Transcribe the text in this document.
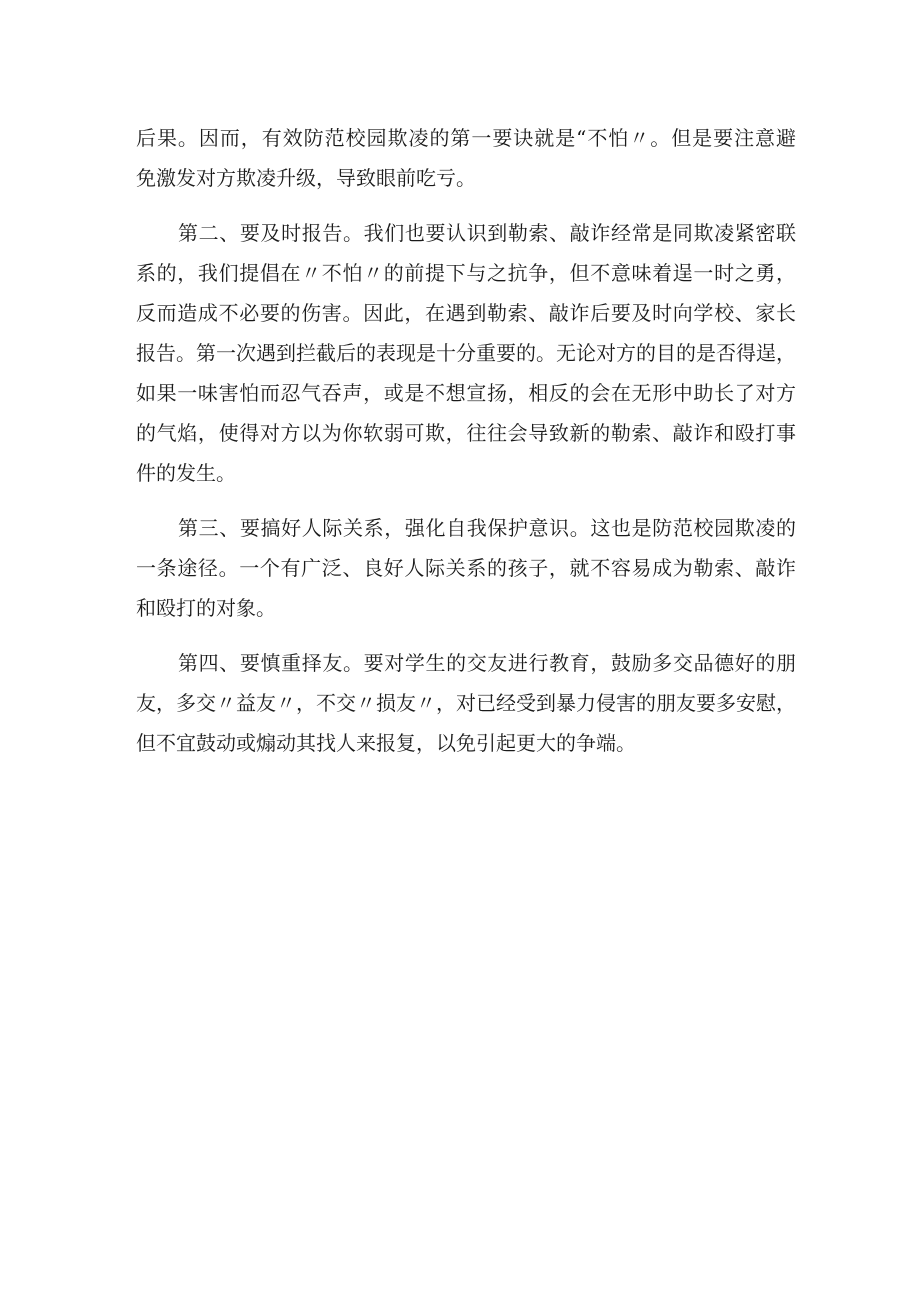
后果。因而，有效防范校园欺凌的第一要诀就是“不怕〃。但是要注意避
免激发对方欺凌升级，导致眼前吃亏。
第二、要及时报告。我们也要认识到勒索、敲诈经常是同欺凌紧密联
系的，我们提倡在〃不怕〃的前提下与之抗争，但不意味着逞一时之勇，
反而造成不必要的伤害。因此，在遇到勒索、敲诈后要及时向学校、家长
报告。第一次遇到拦截后的表现是十分重要的。无论对方的目的是否得逞，
如果一味害怕而忍气吞声，或是不想宣扬，相反的会在无形中助长了对方
的气焰，使得对方以为你软弱可欺，往往会导致新的勒索、敲诈和殴打事
件的发生。
第三、要搞好人际关系，强化自我保护意识。这也是防范校园欺凌的
一条途径。一个有广泛、良好人际关系的孩子，就不容易成为勒索、敲诈
和殴打的对象。
第四、要慎重择友。要对学生的交友进行教育，鼓励多交品德好的朋
友，多交〃益友〃，不交〃损友〃，对已经受到暴力侵害的朋友要多安慰，
但不宜鼓动或煽动其找人来报复，以免引起更大的争端。
